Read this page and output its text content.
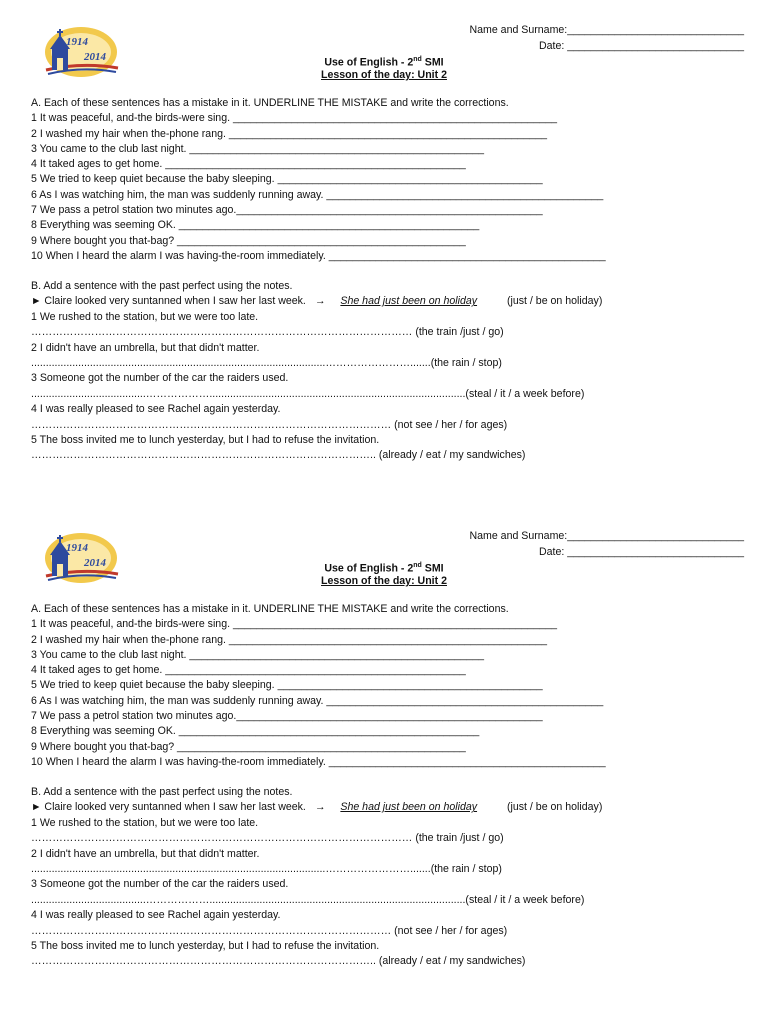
1914
2014
Name and Surname:______________________________
Date: ______________________________
Use of English - 2nd SMI
Lesson of the day: Unit 2
A. Each of these sentences has a mistake in it. UNDERLINE THE MISTAKE and write the corrections.
1 It was peaceful, and-the birds-were sing. _______________________________________________________
2 I washed my hair when the-phone rang. ______________________________________________________
3 You came to the club last night. __________________________________________________
4 It taked ages to get home. ___________________________________________________
5 We tried to keep quiet because the baby sleeping. _____________________________________________
6 As I was watching him, the man was suddenly running away. _______________________________________________
7 We pass a petrol station two minutes ago.____________________________________________________
8 Everything was seeming OK. ___________________________________________________
9 Where bought you that-bag? _________________________________________________
10 When I heard the alarm I was having-the-room immediately. _______________________________________________
B. Add a sentence with the past perfect using the notes.
► Claire looked very suntanned when I saw her last week. → She had just been on holiday	(just / be on holiday)
1 We rushed to the station, but we were too late.
……………………………………………………………………………………………… (the train /just / go)
2 I didn't have an umbrella, but that didn't matter.
....................................................................................................…………………….......(the rain / stop)
3 Someone got the number of the car the raiders used.
.......................................……………….......................................................................................(steal / it / a week before)
4 I was really pleased to see Rachel again yesterday.
………………………………………………………………………………………… (not see / her / for ages)
5 The boss invited me to lunch yesterday, but I had to refuse the invitation.
…………………………………………………………………………………….. (already / eat / my sandwiches)
1914
2014
Name and Surname:______________________________
Date: ______________________________
Use of English - 2nd SMI
Lesson of the day: Unit 2
A. Each of these sentences has a mistake in it. UNDERLINE THE MISTAKE and write the corrections.
1 It was peaceful, and-the birds-were sing. _______________________________________________________
2 I washed my hair when the-phone rang. ______________________________________________________
3 You came to the club last night. __________________________________________________
4 It taked ages to get home. ___________________________________________________
5 We tried to keep quiet because the baby sleeping. _____________________________________________
6 As I was watching him, the man was suddenly running away. _______________________________________________
7 We pass a petrol station two minutes ago.____________________________________________________
8 Everything was seeming OK. ___________________________________________________
9 Where bought you that-bag? _________________________________________________
10 When I heard the alarm I was having-the-room immediately. _______________________________________________
B. Add a sentence with the past perfect using the notes.
► Claire looked very suntanned when I saw her last week. → She had just been on holiday	(just / be on holiday)
1 We rushed to the station, but we were too late.
……………………………………………………………………………………………… (the train /just / go)
2 I didn't have an umbrella, but that didn't matter.
....................................................................................................…………………….......(the rain / stop)
3 Someone got the number of the car the raiders used.
.......................................……………….......................................................................................(steal / it / a week before)
4 I was really pleased to see Rachel again yesterday.
………………………………………………………………………………………… (not see / her / for ages)
5 The boss invited me to lunch yesterday, but I had to refuse the invitation.
…………………………………………………………………………………….. (already / eat / my sandwiches)
